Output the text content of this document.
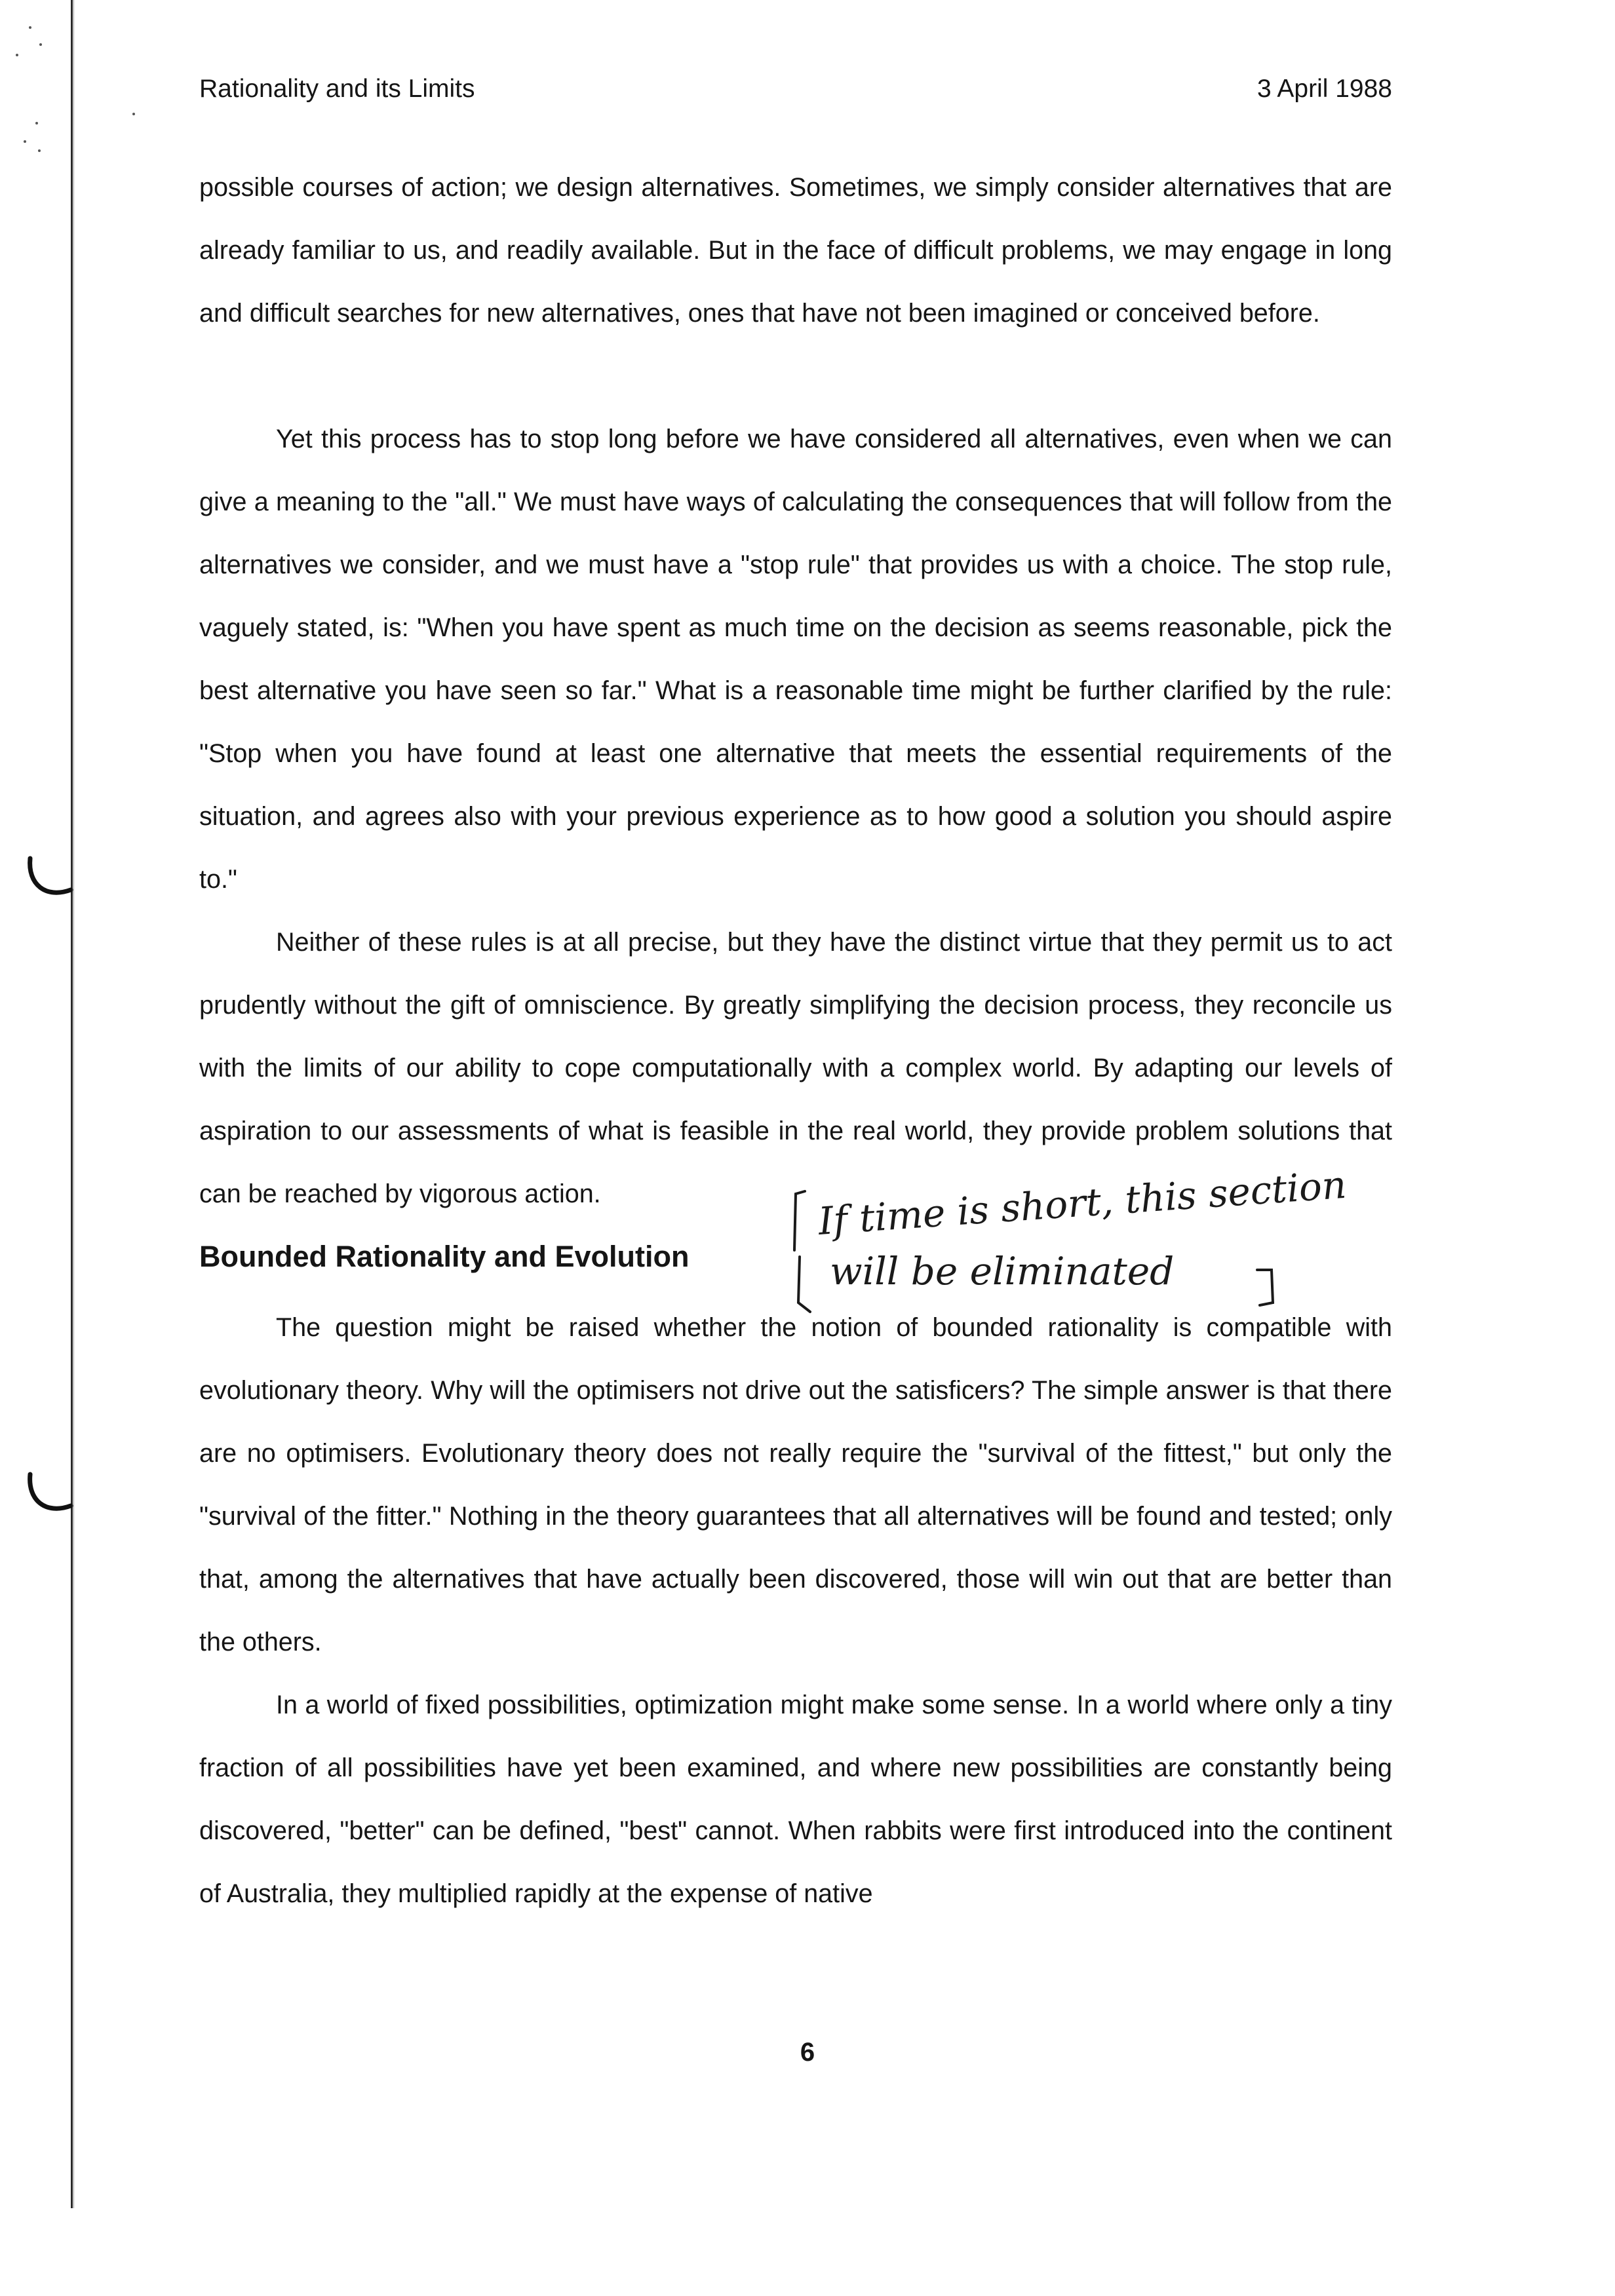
Rationality and its Limits	3 April 1988

possible courses of action; we design alternatives. Sometimes, we simply consider alternatives that are already familiar to us, and readily available. But in the face of difficult problems, we may engage in long and difficult searches for new alternatives, ones that have not been imagined or conceived before.

Yet this process has to stop long before we have considered all alternatives, even when we can give a meaning to the "all." We must have ways of calculating the consequences that will follow from the alternatives we consider, and we must have a "stop rule" that provides us with a choice. The stop rule, vaguely stated, is: "When you have spent as much time on the decision as seems reasonable, pick the best alternative you have seen so far." What is a reasonable time might be further clarified by the rule: "Stop when you have found at least one alternative that meets the essential requirements of the situation, and agrees also with your previous experience as to how good a solution you should aspire to."

Neither of these rules is at all precise, but they have the distinct virtue that they permit us to act prudently without the gift of omniscience. By greatly simplifying the decision process, they reconcile us with the limits of our ability to cope computationally with a complex world. By adapting our levels of aspiration to our assessments of what is feasible in the real world, they provide problem solutions that can be reached by vigorous action.

Bounded Rationality and Evolution
If time is short, this section
will be eliminated

The question might be raised whether the notion of bounded rationality is compatible with evolutionary theory. Why will the optimisers not drive out the satisficers? The simple answer is that there are no optimisers. Evolutionary theory does not really require the "survival of the fittest," but only the "survival of the fitter." Nothing in the theory guarantees that all alternatives will be found and tested; only that, among the alternatives that have actually been discovered, those will win out that are better than the others.

In a world of fixed possibilities, optimization might make some sense. In a world where only a tiny fraction of all possibilities have yet been examined, and where new possibilities are constantly being discovered, "better" can be defined, "best" cannot. When rabbits were first introduced into the continent of Australia, they multiplied rapidly at the expense of native

6
